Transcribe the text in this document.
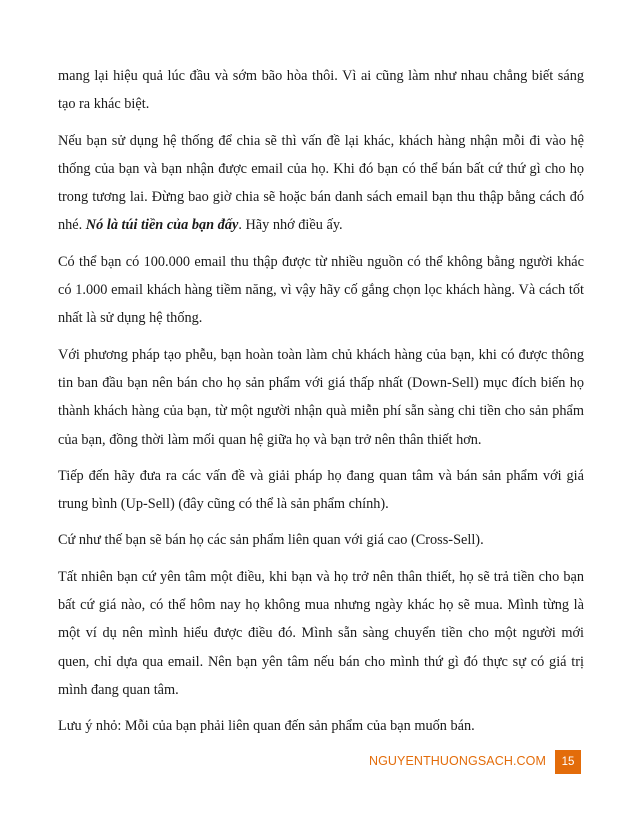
mang lại hiệu quả lúc đầu và sớm bão hòa thôi. Vì ai cũng làm như nhau chẳng biết sáng tạo ra khác biệt.

Nếu bạn sử dụng hệ thống để chia sẽ thì vấn đề lại khác, khách hàng nhận mỗi đi vào hệ thống của bạn và bạn nhận được email của họ. Khi đó bạn có thể bán bất cứ thứ gì cho họ trong tương lai. Đừng bao giờ chia sẽ hoặc bán danh sách email bạn thu thập bằng cách đó nhé. Nó là túi tiền của bạn đấy. Hãy nhớ điều ấy.

Có thể bạn có 100.000 email thu thập được từ nhiều nguồn có thể không bằng người khác có 1.000 email khách hàng tiềm năng, vì vậy hãy cố gắng chọn lọc khách hàng. Và cách tốt nhất là sử dụng hệ thống.

Với phương pháp tạo phễu, bạn hoàn toàn làm chủ khách hàng của bạn, khi có được thông tin ban đầu bạn nên bán cho họ sản phẩm với giá thấp nhất (Down-Sell) mục đích biến họ thành khách hàng của bạn, từ một người nhận quà miễn phí sẵn sàng chi tiền cho sản phẩm của bạn, đồng thời làm mối quan hệ giữa họ và bạn trở nên thân thiết hơn.

Tiếp đến hãy đưa ra các vấn đề và giải pháp họ đang quan tâm và bán sản phẩm với giá trung bình (Up-Sell) (đây cũng có thể là sản phẩm chính).

Cứ như thế bạn sẽ bán họ các sản phẩm liên quan với giá cao (Cross-Sell).

Tất nhiên bạn cứ yên tâm một điều, khi bạn và họ trở nên thân thiết, họ sẽ trả tiền cho bạn bất cứ giá nào, có thể hôm nay họ không mua nhưng ngày khác họ sẽ mua. Mình từng là một ví dụ nên mình hiểu được điều đó. Mình sẵn sàng chuyển tiền cho một người mới quen, chỉ dựa qua email. Nên bạn yên tâm nếu bán cho mình thứ gì đó thực sự có giá trị mình đang quan tâm.

Lưu ý nhỏ: Mỗi của bạn phải liên quan đến sản phẩm của bạn muốn bán.

NGUYENTHUONGSACH.COM	15
